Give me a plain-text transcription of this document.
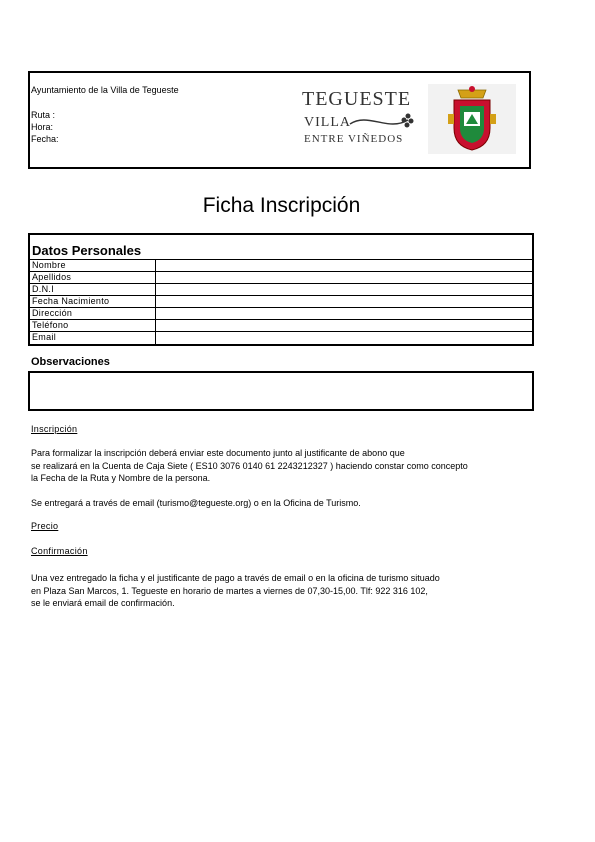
Ayuntamiento de la Villa de Tegueste
Ruta :
Hora:
Fecha:
TEGUESTE
VILLA
ENTRE VIÑEDOS
Ficha Inscripción
Datos Personales
Nombre
Apellidos
D.N.I
Fecha Nacimiento
Dirección
Teléfono
Email
Observaciones
Inscripción
Para formalizar la inscripción deberá enviar este documento junto al justificante de abono que
se realizará en la Cuenta de Caja Siete ( ES10 3076 0140 61 2243212327 ) haciendo constar como concepto
la Fecha de la Ruta y Nombre de la persona.
Se entregará a través de email (turismo@tegueste.org) o en la Oficina de Turismo.
Precio
Confirmación
Una vez entregado la ficha y el justificante de pago a través de email o en la oficina de turismo situado
en Plaza San Marcos, 1. Tegueste en horario de martes a viernes de 07,30-15,00. Tlf: 922 316 102,
se le enviará email de confirmación.
